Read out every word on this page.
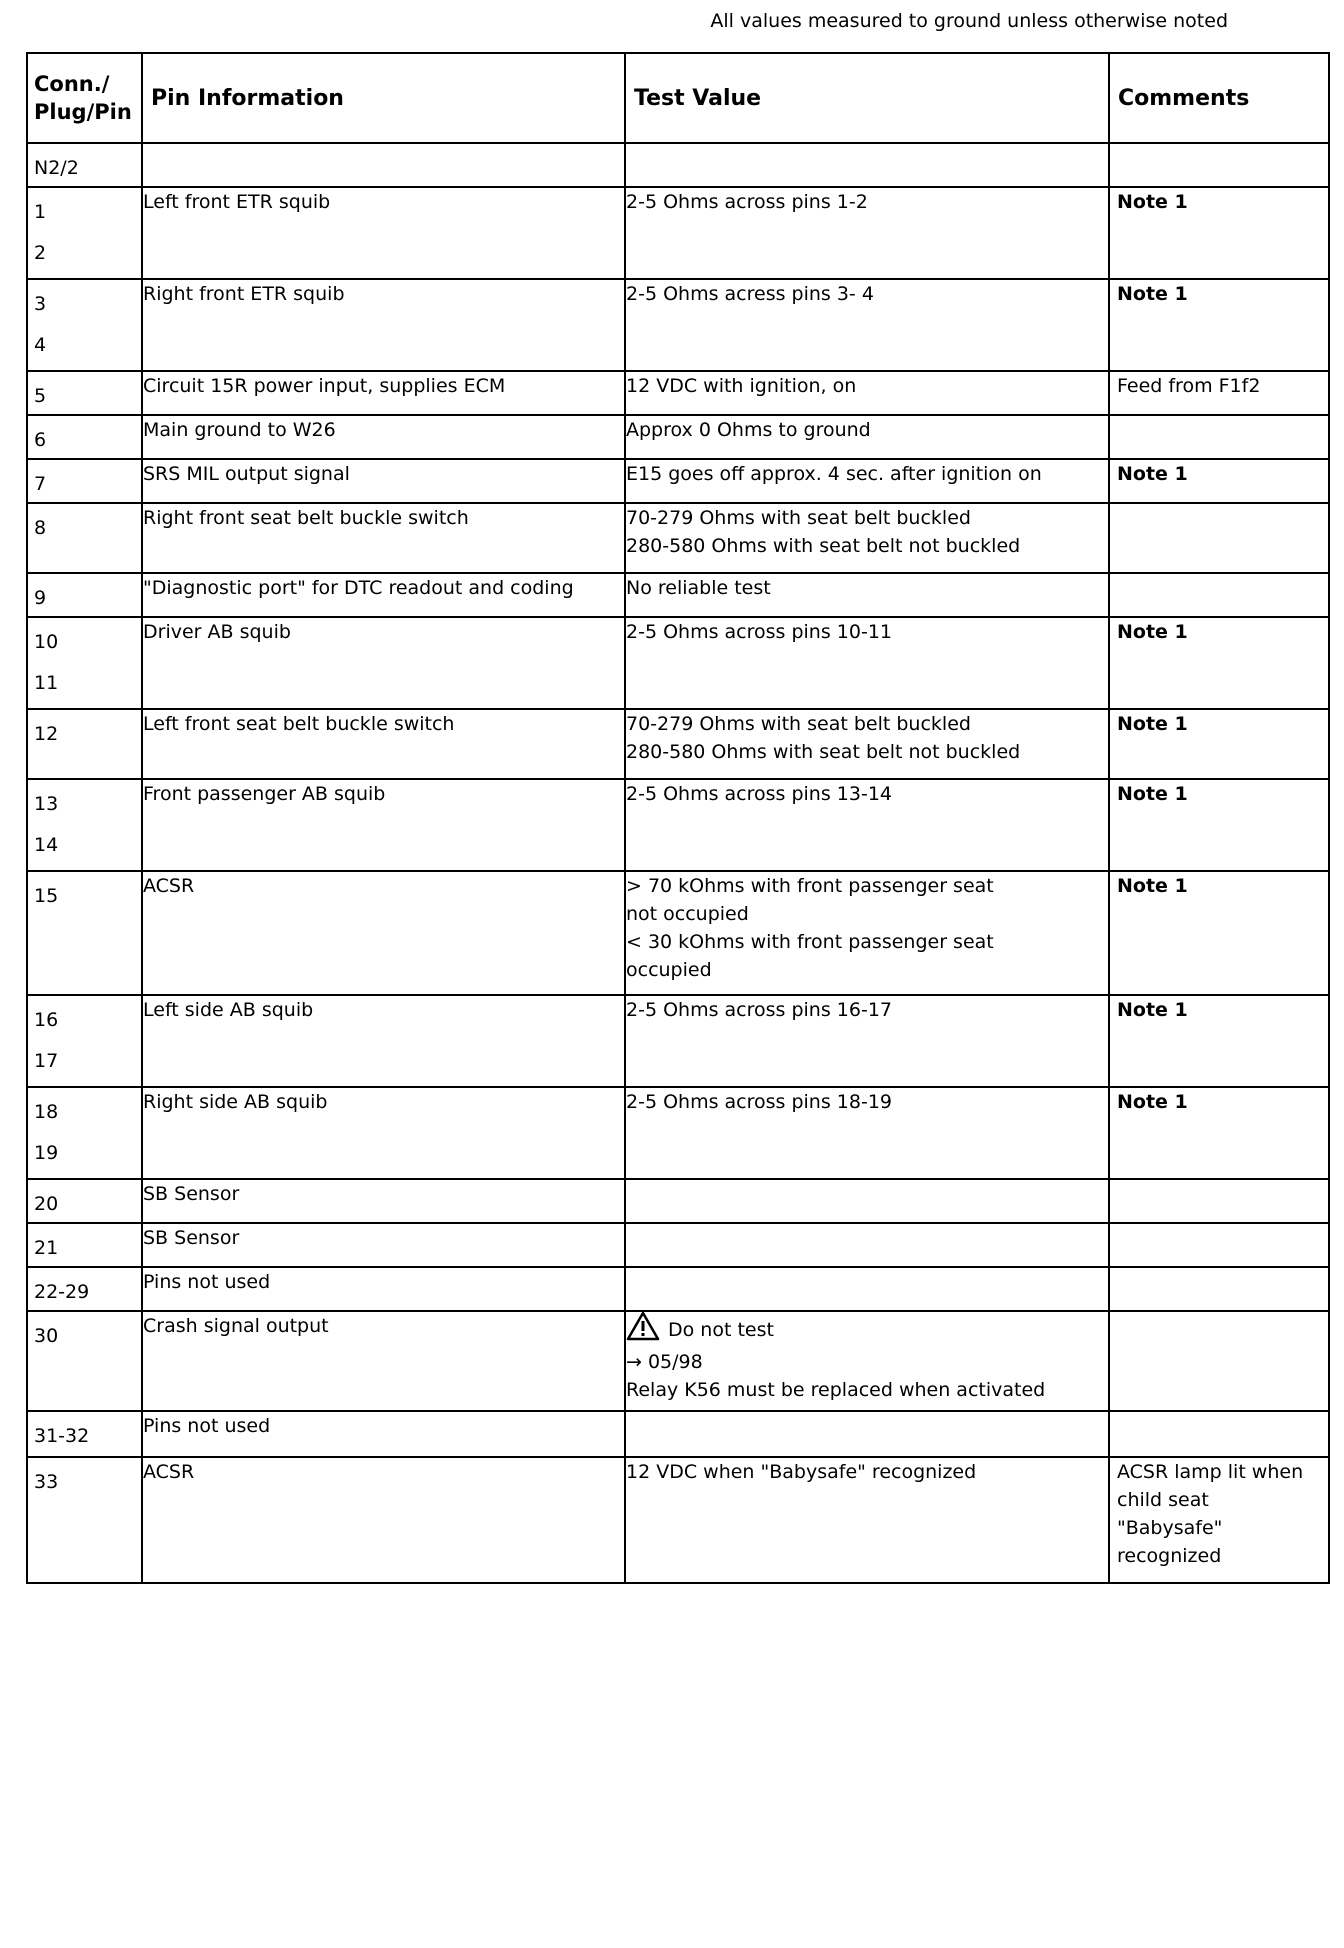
All values measured to ground unless otherwise noted
Conn./
Plug/Pin	Pin Information	Test Value	Comments

N2/2			

1
2	Left front ETR squib	2-5 Ohms across pins 1-2	Note 1

3
4	Right front ETR squib	2-5 Ohms acress pins 3- 4	Note 1

5	Circuit 15R power input, supplies ECM	12 VDC with ignition, on	Feed from F1f2

6	Main ground to W26	Approx 0 Ohms to ground	

7	SRS MIL output signal	E15 goes off approx. 4 sec. after ignition on	Note 1

8	Right front seat belt buckle switch	70-279 Ohms with seat belt buckled
280-580 Ohms with seat belt not buckled	

9	"Diagnostic port" for DTC readout and coding	No reliable test	

10
11	Driver AB squib	2-5 Ohms across pins 10-11	Note 1

12	Left front seat belt buckle switch	70-279 Ohms with seat belt buckled
280-580 Ohms with seat belt not buckled	Note 1

13
14	Front passenger AB squib	2-5 Ohms across pins 13-14	Note 1

15	ACSR	> 70 kOhms with front passenger seat
not occupied
< 30 kOhms with front passenger seat
occupied	Note 1

16
17	Left side AB squib	2-5 Ohms across pins 16-17	Note 1

18
19	Right side AB squib	2-5 Ohms across pins 18-19	Note 1

20	SB Sensor		

21	SB Sensor		

22-29	Pins not used		

30	Crash signal output	Do not test
→ 05/98
Relay K56 must be replaced when activated	

31-32	Pins not used		

33	ACSR	12 VDC when "Babysafe" recognized	ACSR lamp lit when
child seat
"Babysafe"
recognized
